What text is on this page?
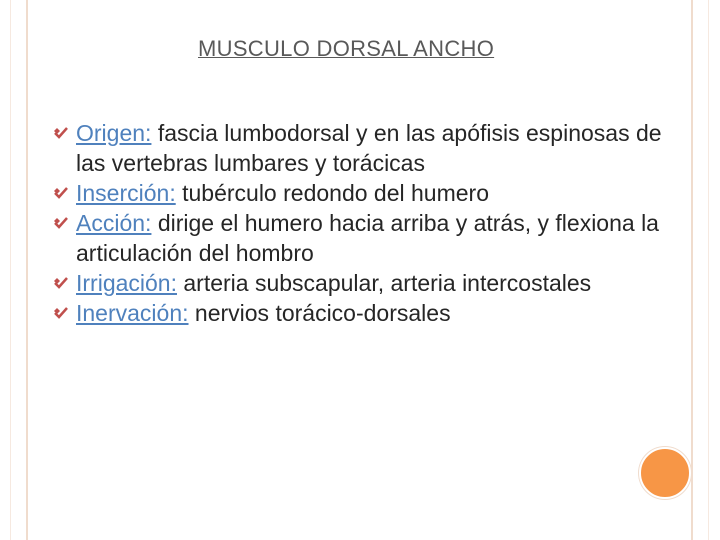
MUSCULO DORSAL ANCHO
Origen: fascia lumbodorsal y en las apófisis espinosas de las vertebras lumbares y torácicas
Inserción: tubérculo redondo del humero
Acción: dirige el humero hacia arriba y atrás, y flexiona la articulación del hombro
Irrigación: arteria subscapular, arteria intercostales
Inervación: nervios torácico-dorsales
